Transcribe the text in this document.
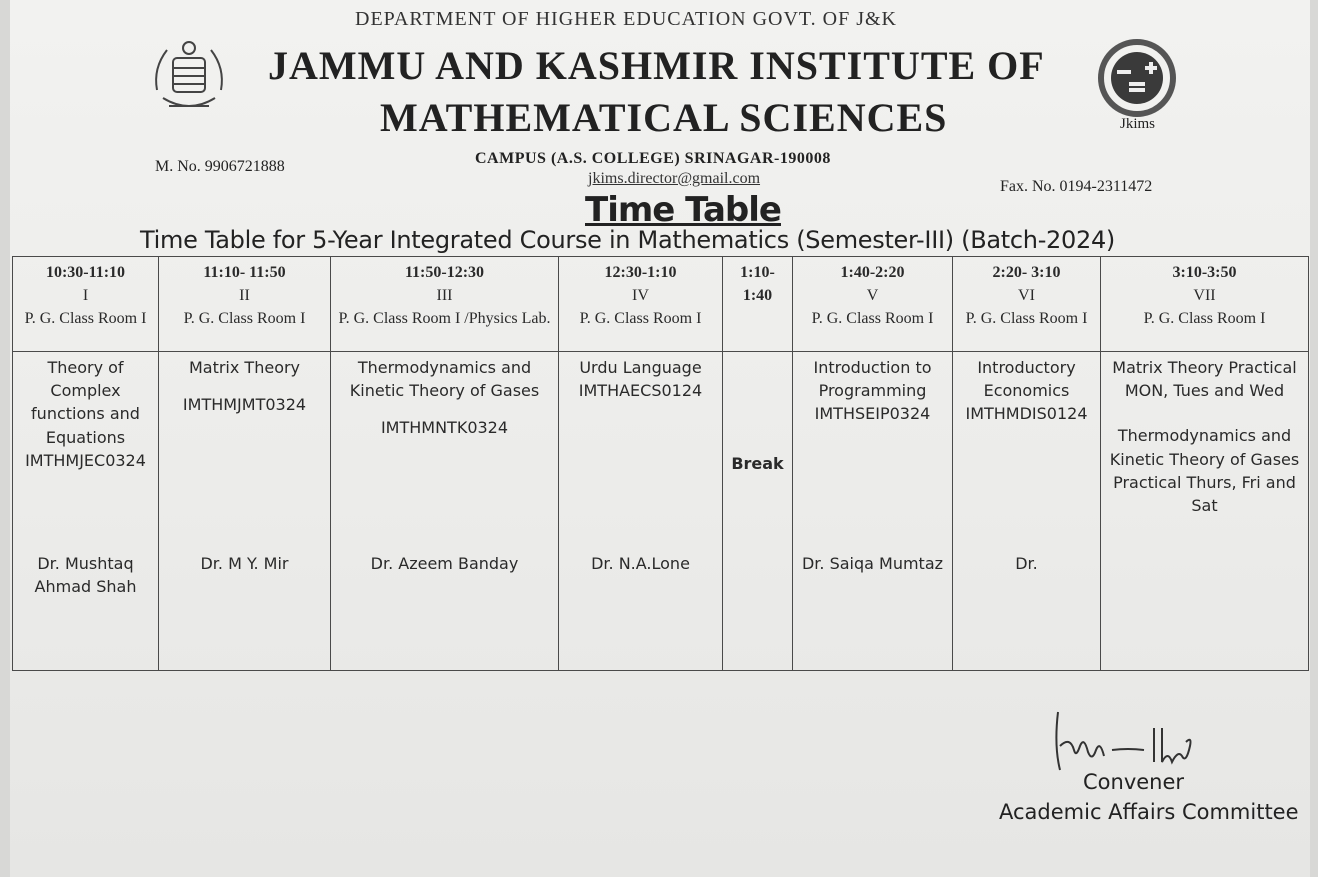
DEPARTMENT OF HIGHER EDUCATION GOVT. OF J&K
JAMMU AND KASHMIR INSTITUTE OF
MATHEMATICAL SCIENCES	Jkims
CAMPUS (A.S. COLLEGE) SRINAGAR-190008
M. No. 9906721888
jkims.director@gmail.com	Fax. No. 0194-2311472
Time Table
Time Table for 5-Year Integrated Course in Mathematics (Semester-III) (Batch-2024)
10:30-11:10
I
P. G. Class Room I	11:10- 11:50
II
P. G. Class Room I	11:50-12:30
III
P. G. Class Room I /Physics Lab.	12:30-1:10
IV
P. G. Class Room I	1:10- 1:40	1:40-2:20
V
P. G. Class Room I	2:20- 3:10
VI
P. G. Class Room I	3:10-3:50
VII
P. G. Class Room I

Theory of Complex functions and Equations
IMTHMJEC0324
Dr. Mushtaq Ahmad Shah	Matrix Theory
IMTHMJMT0324
Dr. M Y. Mir	Thermodynamics and Kinetic Theory of Gases
IMTHMNTK0324
Dr. Azeem Banday	Urdu Language
IMTHAECS0124
Dr. N.A.Lone	Break	Introduction to Programming
IMTHSEIP0324
Dr. Saiqa Mumtaz	Introductory Economics
IMTHMDIS0124
Dr.	Matrix Theory Practical MON, Tues and Wed
Thermodynamics and Kinetic Theory of Gases Practical Thurs, Fri and Sat
Convener
Academic Affairs Committee
